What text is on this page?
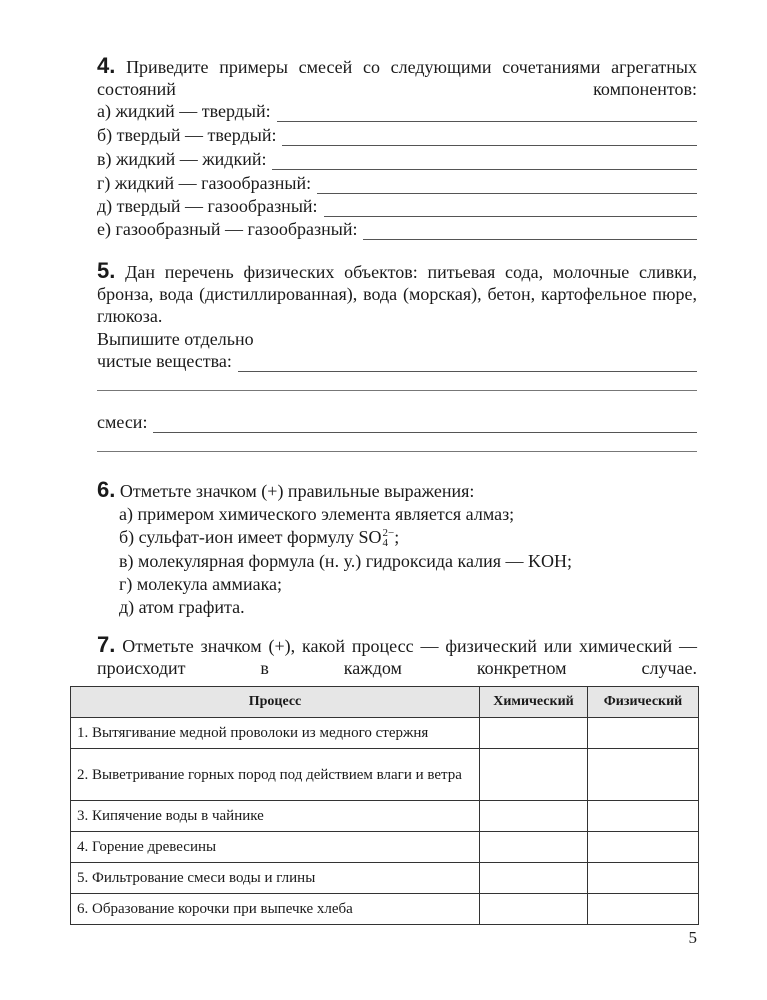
4. Приведите примеры смесей со следующими сочетаниями агрегатных состояний компонентов:

а) жидкий — твердый:
б) твердый — твердый:
в) жидкий — жидкий:
г) жидкий — газообразный:
д) твердый — газообразный:
е) газообразный — газообразный:

5. Дан перечень физических объектов: питьевая сода, молочные сливки, бронза, вода (дистиллированная), вода (морская), бетон, картофельное пюре, глюкоза.

Выпишите отдельно
чистые вещества:
смеси:

6. Отметьте значком (+) правильные выражения:

а) примером химического элемента является алмаз;
б) сульфат-ион имеет формулу SO 2−
4 ;
в) молекулярная формула (н. у.) гидроксида калия — KOH;
г) молекула аммиака;
д) атом графита.

7. Отметьте значком (+), какой процесс — физический или химический — происходит в каждом конкретном случае.

Процесс	Химический	Физический
1. Вытягивание медной проволоки из медного стержня		
2. Выветривание горных пород под действием влаги и ветра		
3. Кипячение воды в чайнике		
4. Горение древесины		
5. Фильтрование смеси воды и глины		
6. Образование корочки при выпечке хлеба		
5
